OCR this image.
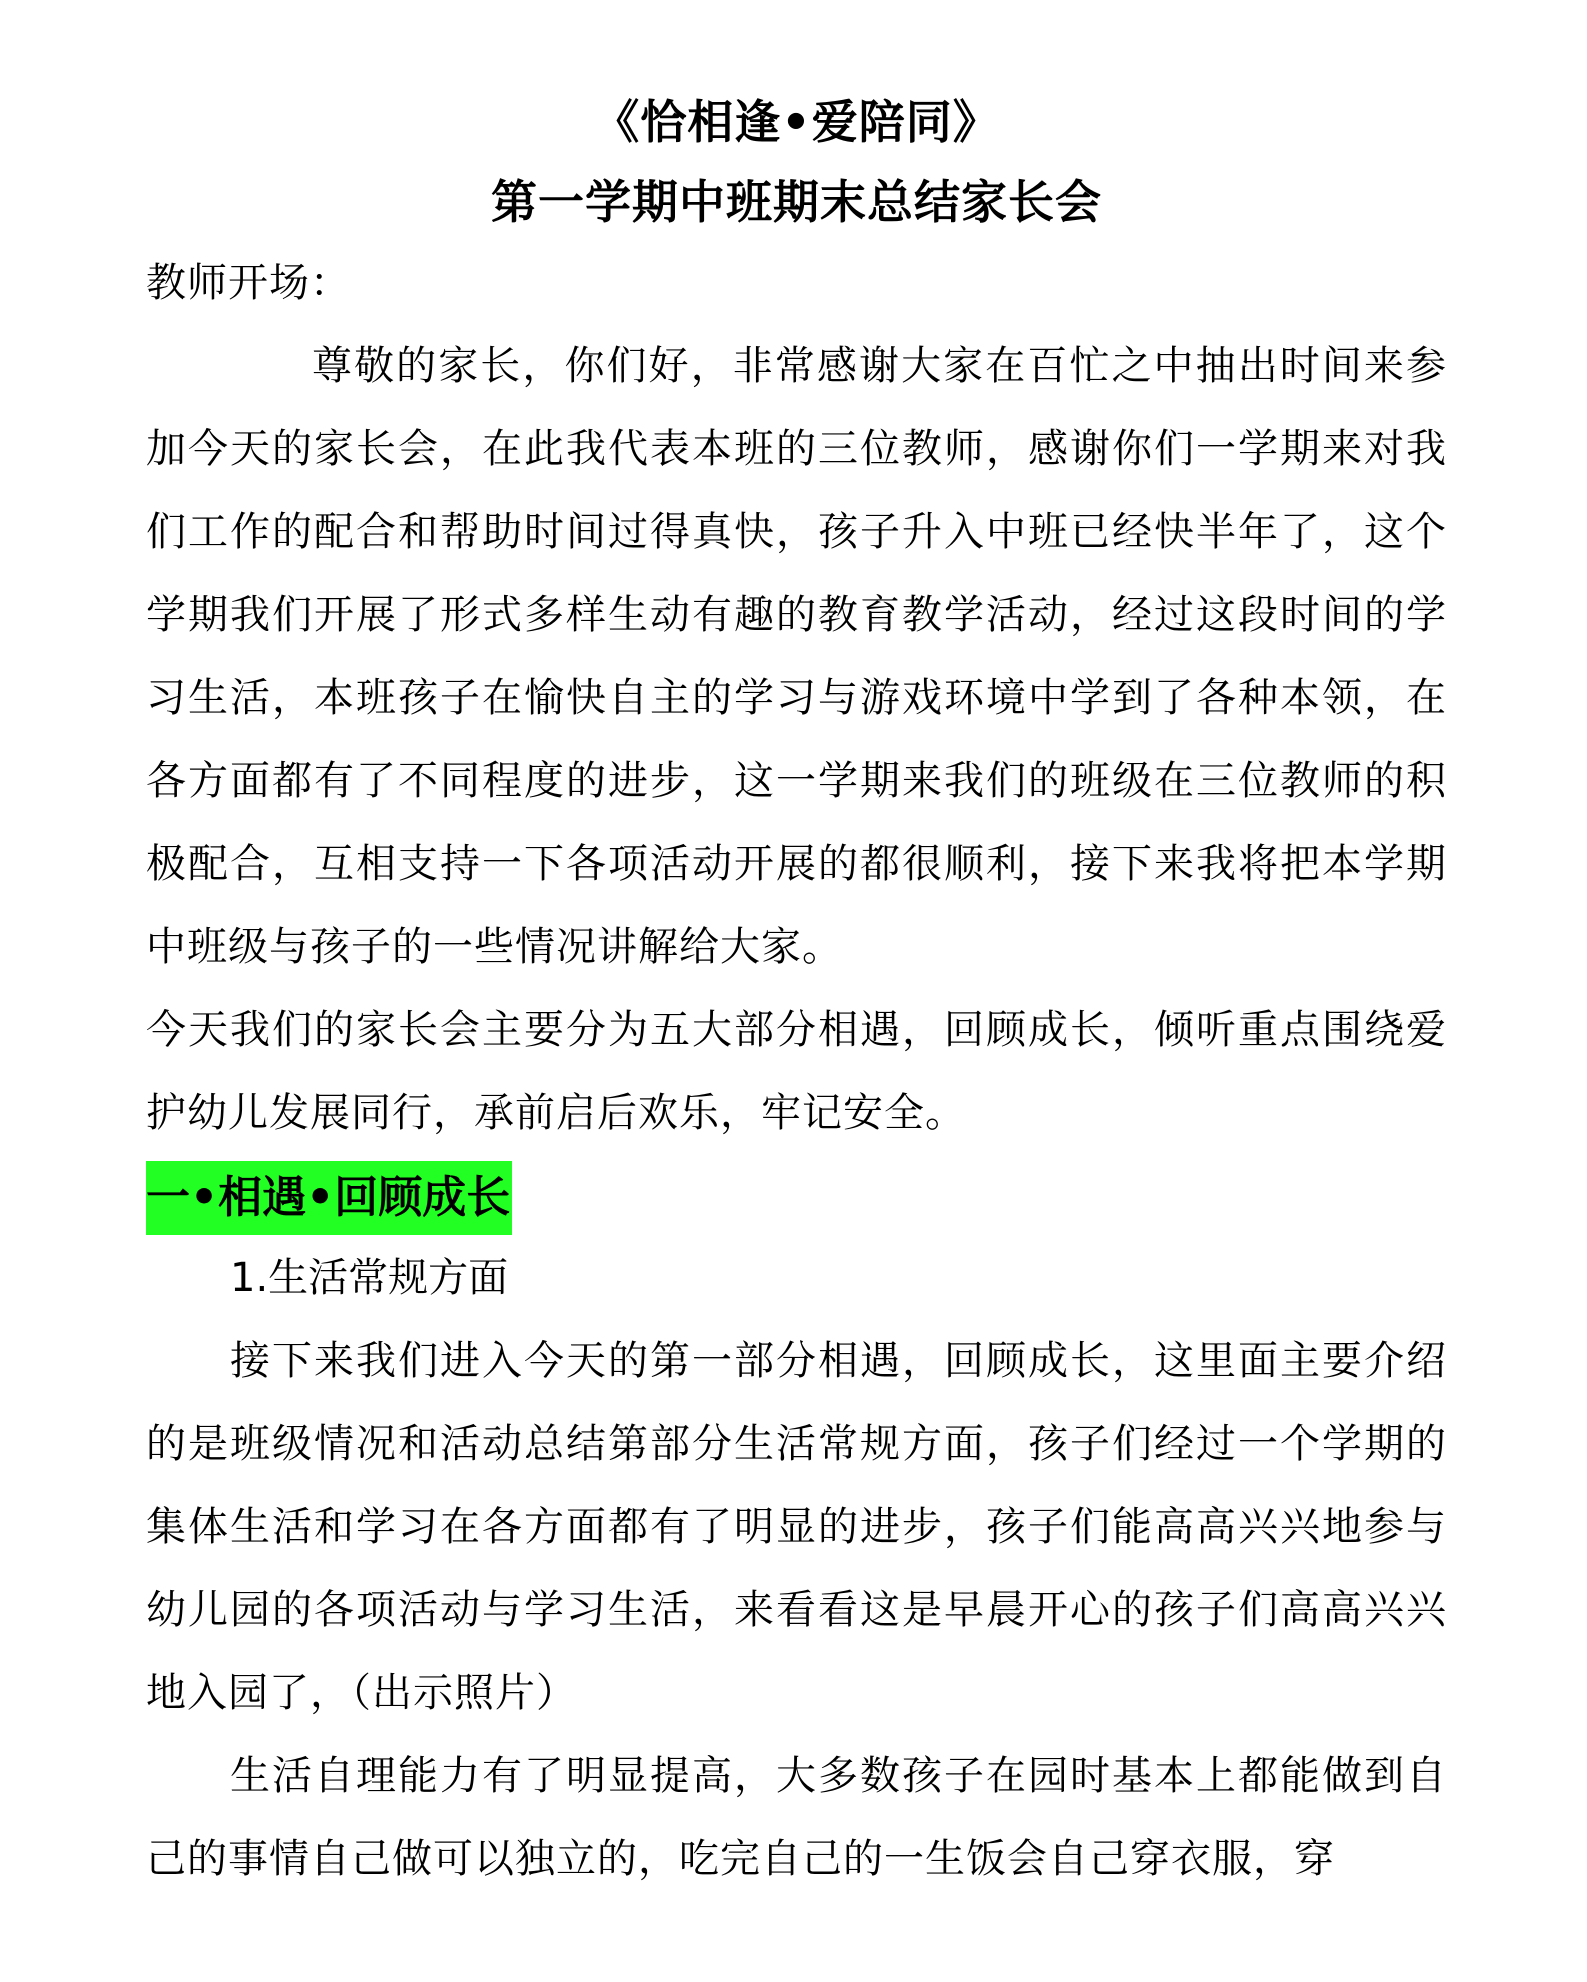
《恰相逢•爱陪同》
第一学期中班期末总结家长会

教师开场：

尊敬的家长，你们好，非常感谢大家在百忙之中抽出时间来参加今天的家长会，在此我代表本班的三位教师，感谢你们一学期来对我们工作的配合和帮助时间过得真快，孩子升入中班已经快半年了，这个学期我们开展了形式多样生动有趣的教育教学活动，经过这段时间的学习生活，本班孩子在愉快自主的学习与游戏环境中学到了各种本领，在各方面都有了不同程度的进步，这一学期来我们的班级在三位教师的积极配合，互相支持一下各项活动开展的都很顺利，接下来我将把本学期中班级与孩子的一些情况讲解给大家。

今天我们的家长会主要分为五大部分相遇，回顾成长，倾听重点围绕爱护幼儿发展同行，承前启后欢乐，牢记安全。

一•相遇•回顾成长

1.生活常规方面

接下来我们进入今天的第一部分相遇，回顾成长，这里面主要介绍的是班级情况和活动总结第部分生活常规方面，孩子们经过一个学期的集体生活和学习在各方面都有了明显的进步，孩子们能高高兴兴地参与幼儿园的各项活动与学习生活，来看看这是早晨开心的孩子们高高兴兴地入园了，（出示照片）

生活自理能力有了明显提高，大多数孩子在园时基本上都能做到自己的事情自己做可以独立的，吃完自己的一生饭会自己穿衣服，穿
